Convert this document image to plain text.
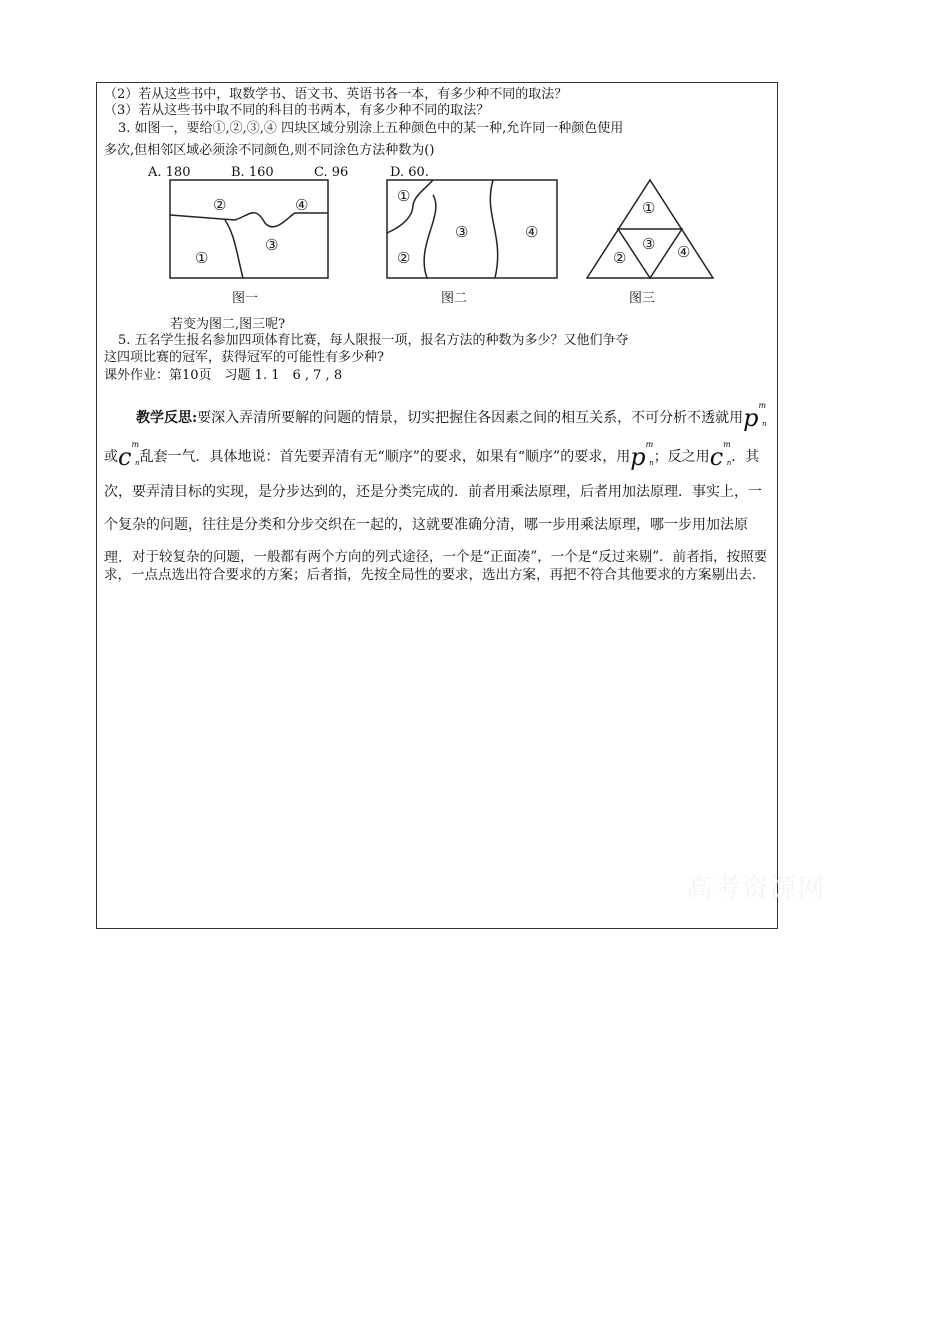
（2）若从这些书中，取数学书、语文书、英语书各一本，有多少种不同的取法？
（3）若从这些书中取不同的科目的书两本，有多少种不同的取法？
3. 如图一，要给①,②,③,④ 四块区域分别涂上五种颜色中的某一种,允许同一种颜色使用
多次,但相邻区域必须涂不同颜色,则不同涂色方法种数为()
A. 180	B. 160	C. 96	D. 60.
②	④
③
①
①
②
③	④
①
③
②	④
图一	图二	图三
若变为图二,图三呢?
5. 五名学生报名参加四项体育比赛，每人限报一项，报名方法的种数为多少？又他们争夺
这四项比赛的冠军，获得冠军的可能性有多少种?
课外作业：第10页　习题 1. 1　6 , 7 , 8
教学反思:要深入弄清所要解的问题的情景，切实把握住各因素之间的相互关系，不可分析不透就用$p^m_n$或$c^m_n$乱套一气．具体地说：首先要弄清有无“顺序”的要求，如果有“顺序”的要求，用$p^m_n$；反之用$c^m_n$．其次，要弄清目标的实现，是分步达到的，还是分类完成的．前者用乘法原理，后者用加法原理．事实上，一个复杂的问题，往往是分类和分步交织在一起的，这就要准确分清，哪一步用乘法原理，哪一步用加法原理． 对于较复杂的问题，一般都有两个方向的列式途径，一个是“正面凑”，一个是“反过来剔”．前者指，按照要求，一点点选出符合要求的方案；后者指，先按全局性的要求，选出方案，再把不符合其他要求的方案剔出去．
高考资源网
